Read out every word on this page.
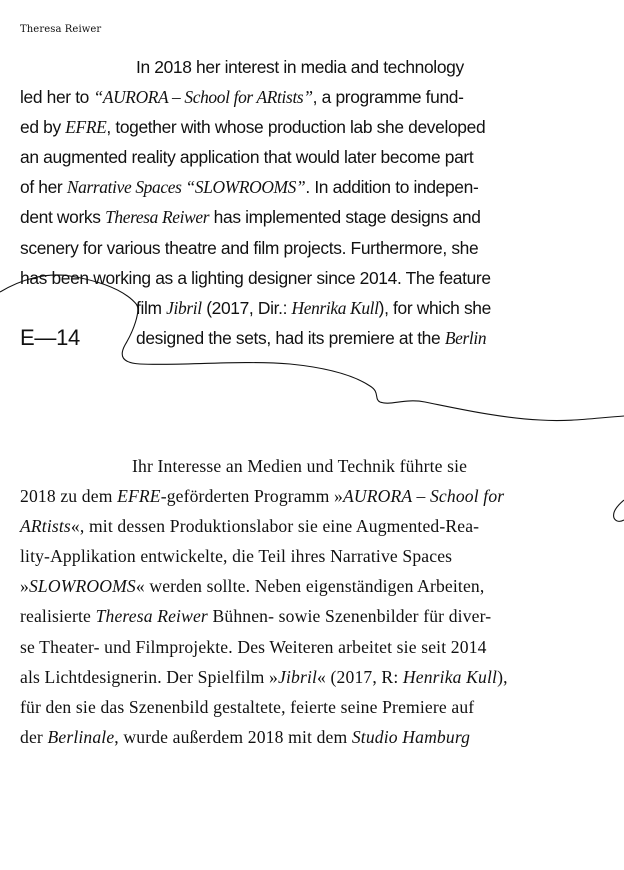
Theresa Reiwer
In 2018 her interest in media and technology
led her to “AURORA – School for ARtists”, a programme fund-
ed by EFRE, together with whose production lab she developed
an augmented reality application that would later become part
of her Narrative Spaces “SLOWROOMS”. In addition to indepen-
dent works Theresa Reiwer has implemented stage designs and
scenery for various theatre and film projects. Furthermore, she
has been working as a lighting designer since 2014. The feature
film Jibril (2017, Dir.: Henrika Kull), for which she
designed the sets, had its premiere at the Berlin
E—14
Ihr Interesse an Medien und Technik führte sie
2018 zu dem EFRE-geförderten Programm »AURORA – School for
ARtists«, mit dessen Produktionslabor sie eine Augmented-Rea-
lity-Applikation entwickelte, die Teil ihres Narrative Spaces
»SLOWROOMS« werden sollte. Neben eigenständigen Arbeiten,
realisierte Theresa Reiwer Bühnen- sowie Szenenbilder für diver-
se Theater- und Filmprojekte. Des Weiteren arbeitet sie seit 2014
als Lichtdesignerin. Der Spielfilm »Jibril« (2017, R: Henrika Kull),
für den sie das Szenenbild gestaltete, feierte seine Premiere auf
der Berlinale, wurde außerdem 2018 mit dem Studio Hamburg
